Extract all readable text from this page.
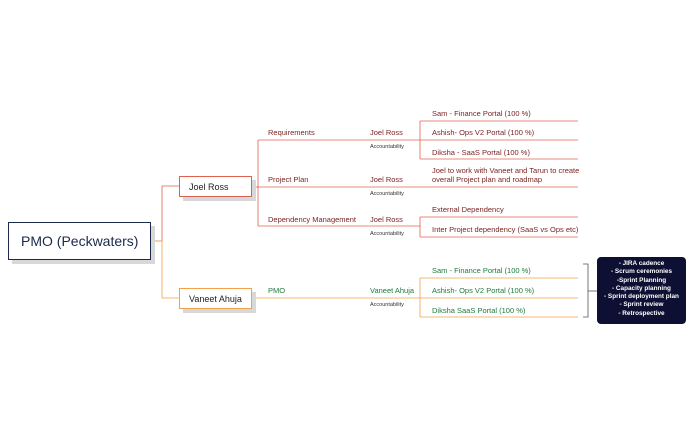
PMO (Peckwaters)
Joel Ross
Requirements	Joel Ross
Accountability
Sam - Finance Portal (100 %)
Ashish- Ops V2 Portal (100 %)
Diksha - SaaS Portal (100 %)
Project Plan	Joel Ross
Accountability
Joel to work with Vaneet and Tarun to create
overall Project plan and roadmap
Dependency Management Joel Ross
Accountability
External Dependency
Inter Project dependency (SaaS vs Ops etc)
Vaneet Ahuja
PMO	Vaneet Ahuja
Accountability
Sam - Finance Portal (100 %)
Ashish- Ops V2 Portal (100 %)
Diksha SaaS Portal (100 %)
- JIRA cadence
- Scrum ceremonies
-Sprint Planning
- Capacity planning
- Sprint deployment plan
- Sprint review
- Retrospective
